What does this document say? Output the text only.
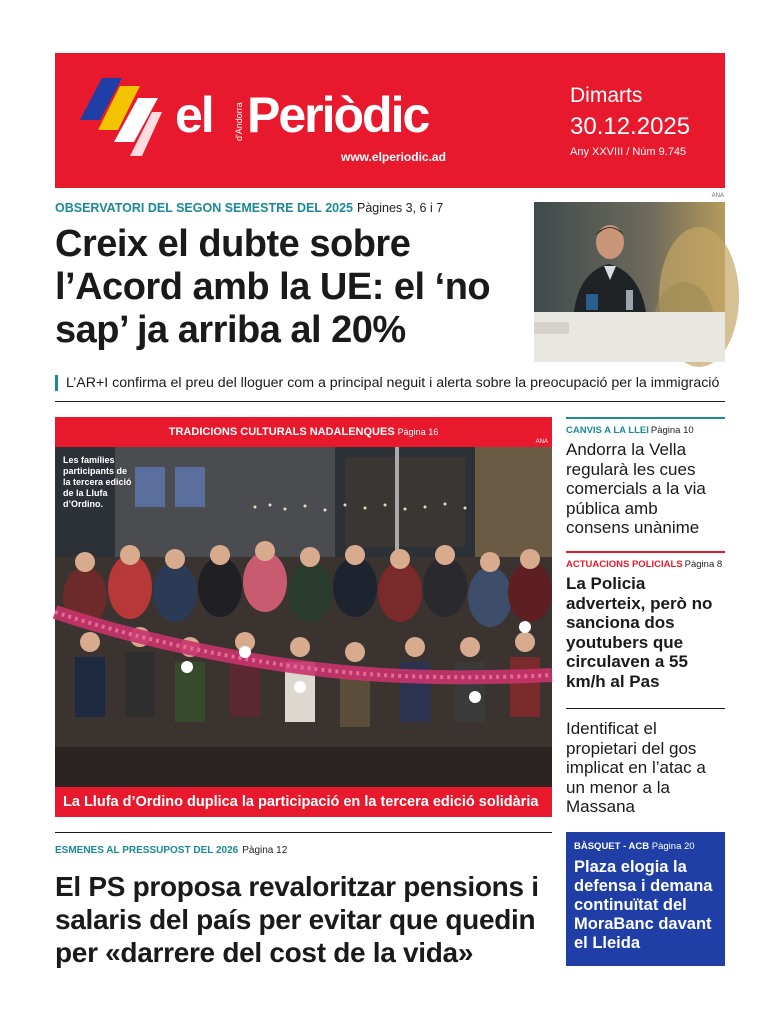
el d'Andorra Periòdic
www.elperiodic.ad
Dimarts
30.12.2025
Any XXVIII / Núm 9.745
OBSERVATORI DEL SEGON SEMESTRE DEL 2025 Pàgines 3, 6 i 7
Creix el dubte sobre l’Acord amb la UE: el ‘no sap’ ja arriba al 20%
ANA
L’AR+I confirma el preu del lloguer com a principal neguit i alerta sobre la preocupació per la immigració
TRADICIONS CULTURALS NADALENQUES Pàgina 16
Les famílies participants de la tercera edició de la Llufa d’Ordino.
ANA
La Llufa d’Ordino duplica la participació en la tercera edició solidària
CANVIS A LA LLEI Pàgina 10
Andorra la Vella regularà les cues comercials a la via pública amb consens unànime
ACTUACIONS POLICIALS Pàgina 8
La Policia adverteix, però no sanciona dos youtubers que circulaven a 55 km/h al Pas
Identificat el propietari del gos implicat en l’atac a un menor a la Massana
BÀSQUET - ACB Pàgina 20
Plaza elogia la defensa i demana continuïtat del MoraBanc davant el Lleida
ESMENES AL PRESSUPOST DEL 2026 Pàgina 12
El PS proposa revaloritzar pensions i salaris del país per evitar que quedin per «darrere del cost de la vida»
